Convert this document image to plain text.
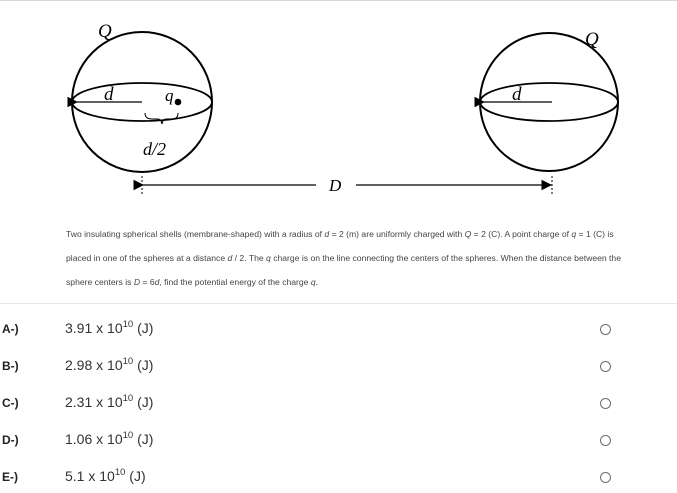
Q
d	q
d/2
Q
d
D

Two insulating spherical shells (membrane-shaped) with a radius of d = 2 (m) are uniformly charged with Q = 2 (C). A point charge of q = 1 (C) is placed in one of the spheres at a distance d / 2. The q charge is on the line connecting the centers of the spheres. When the distance between the sphere centers is D = 6d, find the potential energy of the charge q.

A-)	3.91 x $10^{10}$ (J)
B-)	2.98 x $10^{10}$ (J)
C-)	2.31 x $10^{10}$ (J)
D-)	1.06 x $10^{10}$ (J)
E-)	5.1 x $10^{10}$ (J)
